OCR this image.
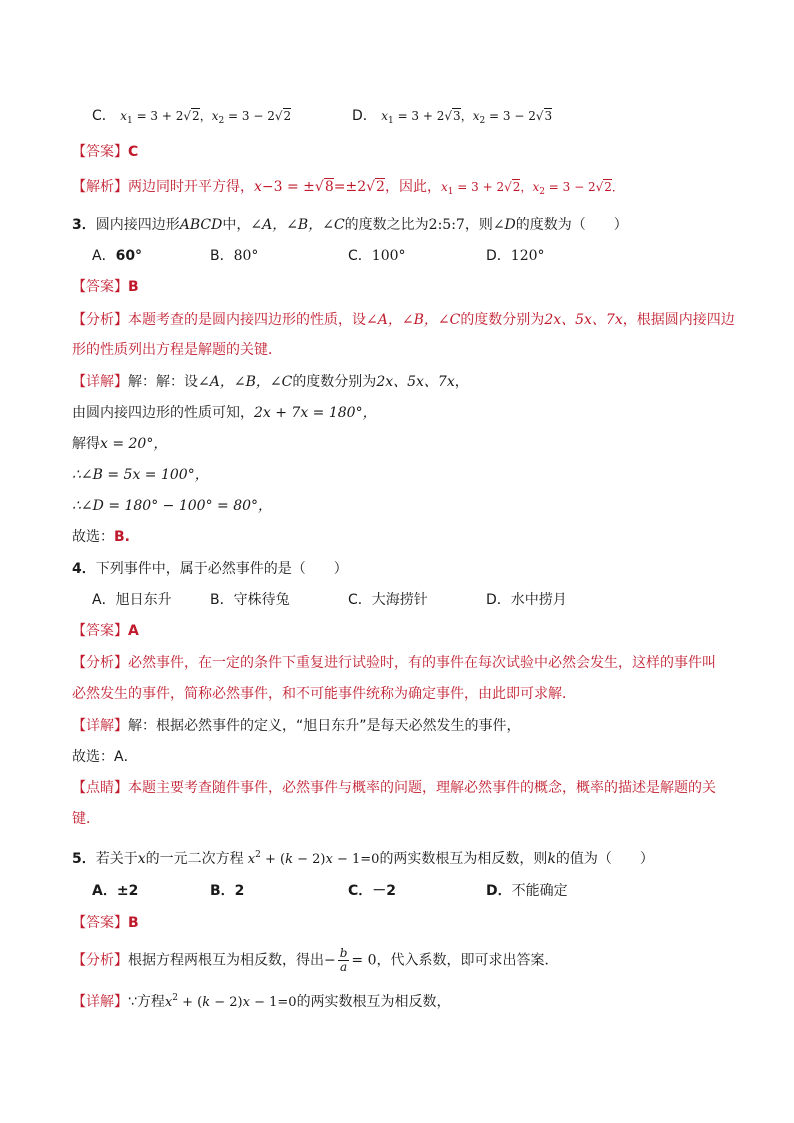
C． $x_1 = 3 + 2√2$，$x_2 = 3 - 2√2$	D． $x_1 = 3 + 2√3$，$x_2 = 3 - 2√3$
【答案】C
【解析】两边同时开平方得，x−3 = ±√8=±2√2，因此，$x_1 = 3 + 2√2$，$x_2 = 3 - 2√2$．
3．圆内接四边形ABCD中，∠A，∠B，∠C的度数之比为2:5:7，则∠D的度数为（　　）
A．60°	B．80°	C．100°	D．120°
【答案】B
【分析】本题考查的是圆内接四边形的性质，设∠A，∠B，∠C的度数分别为2x、5x、7x，根据圆内接四边
形的性质列出方程是解题的关键．
【详解】解：解：设∠A，∠B，∠C的度数分别为2x、5x、7x，
由圆内接四边形的性质可知，2x + 7x = 180°，
解得x = 20°，
∴∠B = 5x = 100°，
∴∠D = 180° − 100° = 80°，
故选：B.
4．下列事件中，属于必然事件的是（　　）
A．旭日东升	B．守株待兔	C．大海捞针	D．水中捞月
【答案】A
【分析】必然事件，在一定的条件下重复进行试验时，有的事件在每次试验中必然会发生，这样的事件叫
必然发生的事件，简称必然事件，和不可能事件统称为确定事件，由此即可求解．
【详解】解：根据必然事件的定义，“旭日东升”是每天必然发生的事件，
故选：A．
【点睛】本题主要考查随件事件，必然事件与概率的问题，理解必然事件的概念，概率的描述是解题的关
键．
5．若关于x的一元二次方程 $x^2 + (k - 2)x - 1=0$的两实数根互为相反数，则k的值为（　　）
A．±2	B．2	C．－2	D．不能确定
【答案】B
【分析】根据方程两根互为相反数，得出− $\frac{b}{a} = 0$，代入系数，即可求出答案．
【详解】∵方程$x^2 + (k - 2)x - 1=0$的两实数根互为相反数，
